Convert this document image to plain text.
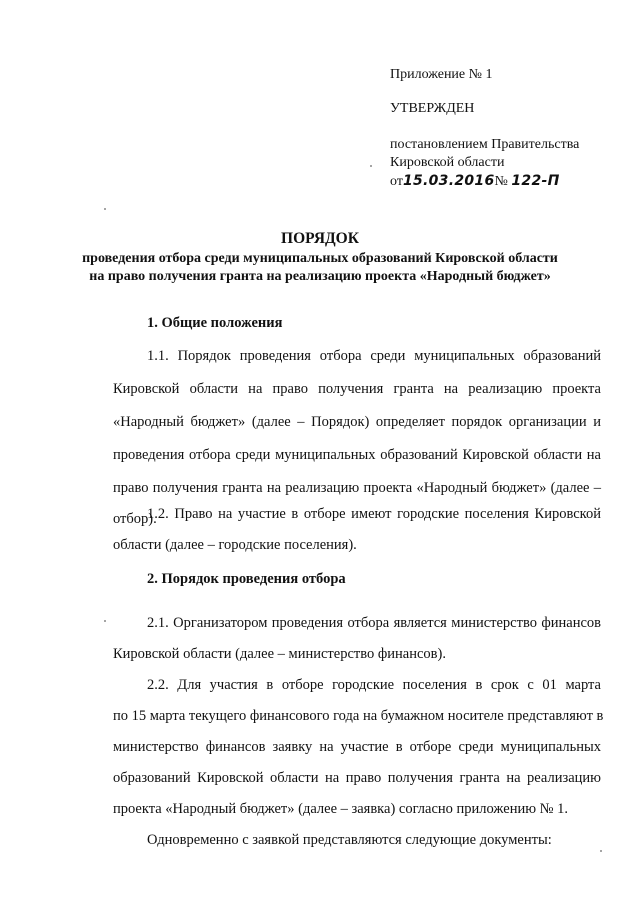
Приложение № 1
УТВЕРЖДЕН
постановлением Правительства
Кировской области
от15.03.2016№ 122-П
ПОРЯДОК
проведения отбора среди муниципальных образований Кировской области
на право получения гранта на реализацию проекта «Народный бюджет»
1. Общие положения
1.1. Порядок проведения отбора среди муниципальных образований
Кировской области на право получения гранта на реализацию проекта
«Народный бюджет» (далее – Порядок) определяет порядок организации и
проведения отбора среди муниципальных образований Кировской области на
право получения гранта на реализацию проекта «Народный бюджет» (далее –
отбор).
1.2. Право на участие в отборе имеют городские поселения Кировской
области (далее – городские поселения).
2. Порядок проведения отбора
2.1. Организатором проведения отбора является министерство финансов
Кировской области (далее – министерство финансов).
2.2. Для участия в отборе городские поселения в срок с 01 марта
по 15 марта текущего финансового года на бумажном носителе представляют в
министерство финансов заявку на участие в отборе среди муниципальных
образований Кировской области на право получения гранта на реализацию
проекта «Народный бюджет» (далее – заявка) согласно приложению № 1.
Одновременно с заявкой представляются следующие документы:
